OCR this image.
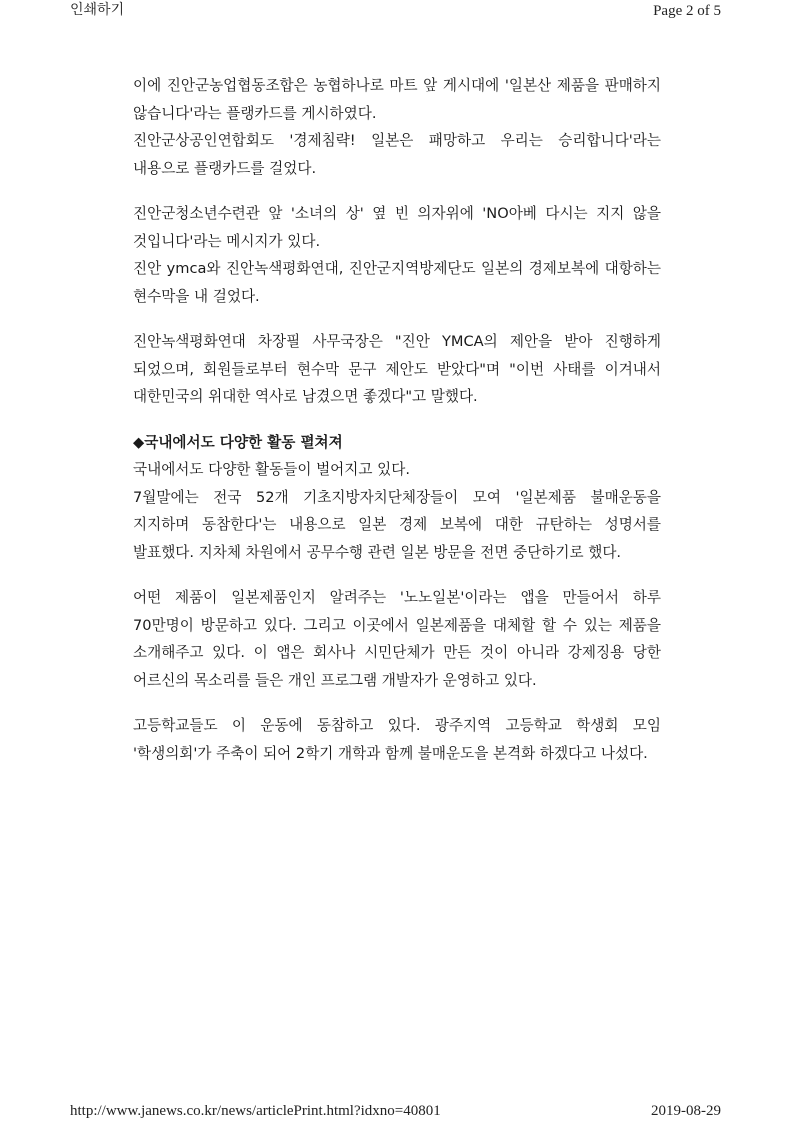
인쇄하기	Page 2 of 5

이에 진안군농업협동조합은 농협하나로 마트 앞 게시대에 '일본산 제품을 판매하지 않습니다'라는 플랭카드를 게시하였다.
진안군상공인연합회도 '경제침략! 일본은 패망하고 우리는 승리합니다'라는 내용으로 플랭카드를 걸었다.

진안군청소년수련관 앞 '소녀의 상' 옆 빈 의자위에 'NO아베 다시는 지지 않을 것입니다'라는 메시지가 있다.
진안 ymca와 진안녹색평화연대, 진안군지역방제단도 일본의 경제보복에 대항하는 현수막을 내 걸었다.

진안녹색평화연대 차장필 사무국장은 "진안 YMCA의 제안을 받아 진행하게 되었으며, 회원들로부터 현수막 문구 제안도 받았다"며 "이번 사태를 이겨내서 대한민국의 위대한 역사로 남겼으면 좋겠다"고 말했다.

◆국내에서도 다양한 활동 펼쳐져
국내에서도 다양한 활동들이 벌어지고 있다.
7월말에는 전국 52개 기초지방자치단체장들이 모여 '일본제품 불매운동을 지지하며 동참한다'는 내용으로 일본 경제 보복에 대한 규탄하는 성명서를 발표했다. 지차체 차원에서 공무수행 관련 일본 방문을 전면 중단하기로 했다.

어떤 제품이 일본제품인지 알려주는 '노노일본'이라는 앱을 만들어서 하루 70만명이 방문하고 있다. 그리고 이곳에서 일본제품을 대체할 할 수 있는 제품을 소개해주고 있다. 이 앱은 회사나 시민단체가 만든 것이 아니라 강제징용 당한 어르신의 목소리를 들은 개인 프로그램 개발자가 운영하고 있다.

고등학교들도 이 운동에 동참하고 있다. 광주지역 고등학교 학생회 모임 '학생의회'가 주축이 되어 2학기 개학과 함께 불매운도을 본격화 하겠다고 나섰다.

http://www.janews.co.kr/news/articlePrint.html?idxno=40801	2019-08-29
